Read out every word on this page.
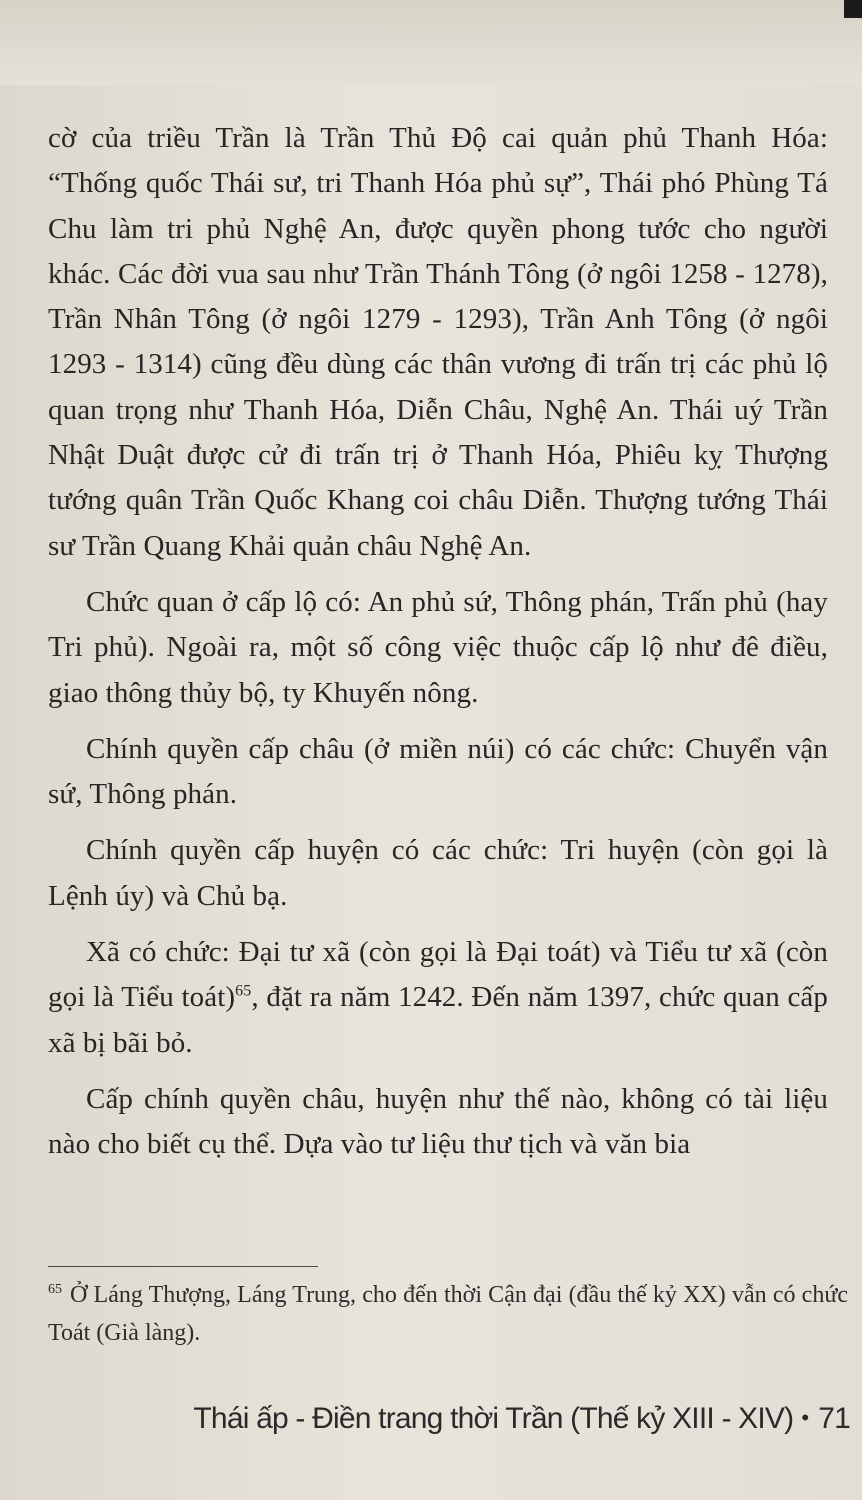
cờ của triều Trần là Trần Thủ Độ cai quản phủ Thanh Hóa: “Thống quốc Thái sư, tri Thanh Hóa phủ sự”, Thái phó Phùng Tá Chu làm tri phủ Nghệ An, được quyền phong tước cho người khác. Các đời vua sau như Trần Thánh Tông (ở ngôi 1258 - 1278), Trần Nhân Tông (ở ngôi 1279 - 1293), Trần Anh Tông (ở ngôi 1293 - 1314) cũng đều dùng các thân vương đi trấn trị các phủ lộ quan trọng như Thanh Hóa, Diễn Châu, Nghệ An. Thái uý Trần Nhật Duật được cử đi trấn trị ở Thanh Hóa, Phiêu kỵ Thượng tướng quân Trần Quốc Khang coi châu Diễn. Thượng tướng Thái sư Trần Quang Khải quản châu Nghệ An.

Chức quan ở cấp lộ có: An phủ sứ, Thông phán, Trấn phủ (hay Tri phủ). Ngoài ra, một số công việc thuộc cấp lộ như đê điều, giao thông thủy bộ, ty Khuyến nông.

Chính quyền cấp châu (ở miền núi) có các chức: Chuyển vận sứ, Thông phán.

Chính quyền cấp huyện có các chức: Tri huyện (còn gọi là Lệnh úy) và Chủ bạ.

Xã có chức: Đại tư xã (còn gọi là Đại toát) và Tiểu tư xã (còn gọi là Tiểu toát)$^{65}$, đặt ra năm 1242. Đến năm 1397, chức quan cấp xã bị bãi bỏ.

Cấp chính quyền châu, huyện như thế nào, không có tài liệu nào cho biết cụ thể. Dựa vào tư liệu thư tịch và văn bia

$^{65}$ Ở Láng Thượng, Láng Trung, cho đến thời Cận đại (đầu thế kỷ XX) vẫn có chức Toát (Già làng).
Thái ấp - Điền trang thời Trần (Thế kỷ XIII - XIV) • 71
